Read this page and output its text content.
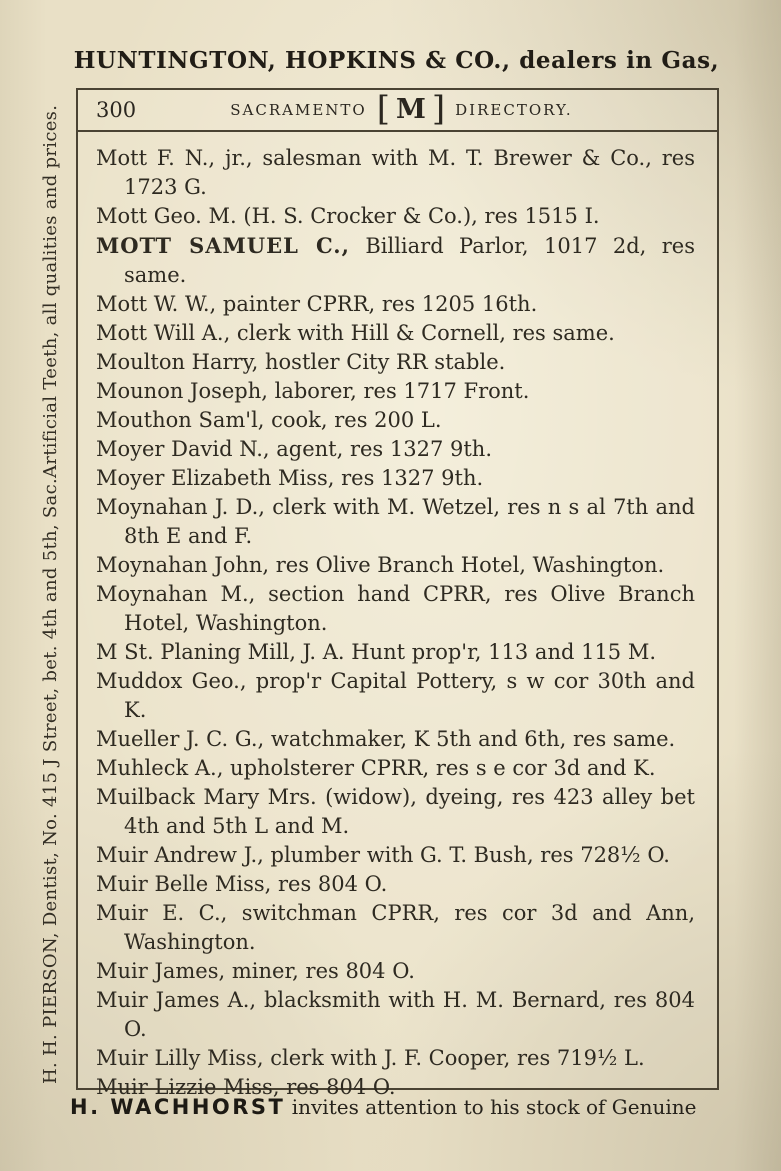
HUNTINGTON, HOPKINS & CO., dealers in Gas,
H. H. PIERSON, Dentist, No. 415 J Street, bet. 4th and 5th, Sac.
Artificial Teeth, all qualities and prices. 300	SACRAMENTO [ M ] DIRECTORY.
Mott F. N., jr., salesman with M. T. Brewer & Co., res 1723 G.
Mott Geo. M. (H. S. Crocker & Co.), res 1515 I.
MOTT SAMUEL C., Billiard Parlor, 1017 2d, res same.
Mott W. W., painter CPRR, res 1205 16th.
Mott Will A., clerk with Hill & Cornell, res same.
Moulton Harry, hostler City RR stable.
Mounon Joseph, laborer, res 1717 Front.
Mouthon Sam'l, cook, res 200 L.
Moyer David N., agent, res 1327 9th.
Moyer Elizabeth Miss, res 1327 9th.
Moynahan J. D., clerk with M. Wetzel, res n s al 7th and 8th E and F.
Moynahan John, res Olive Branch Hotel, Washington.
Moynahan M., section hand CPRR, res Olive Branch Hotel, Washington.
M St. Planing Mill, J. A. Hunt prop'r, 113 and 115 M.
Muddox Geo., prop'r Capital Pottery, s w cor 30th and K.
Mueller J. C. G., watchmaker, K 5th and 6th, res same.
Muhleck A., upholsterer CPRR, res s e cor 3d and K.
Muilback Mary Mrs. (widow), dyeing, res 423 alley bet 4th and 5th L and M.
Muir Andrew J., plumber with G. T. Bush, res 728½ O.
Muir Belle Miss, res 804 O.
Muir E. C., switchman CPRR, res cor 3d and Ann, Washington.
Muir James, miner, res 804 O.
Muir James A., blacksmith with H. M. Bernard, res 804 O.
Muir Lilly Miss, clerk with J. F. Cooper, res 719½ L.
Muir Lizzie Miss, res 804 O.
H. WACHHORST invites attention to his stock of Genuine
